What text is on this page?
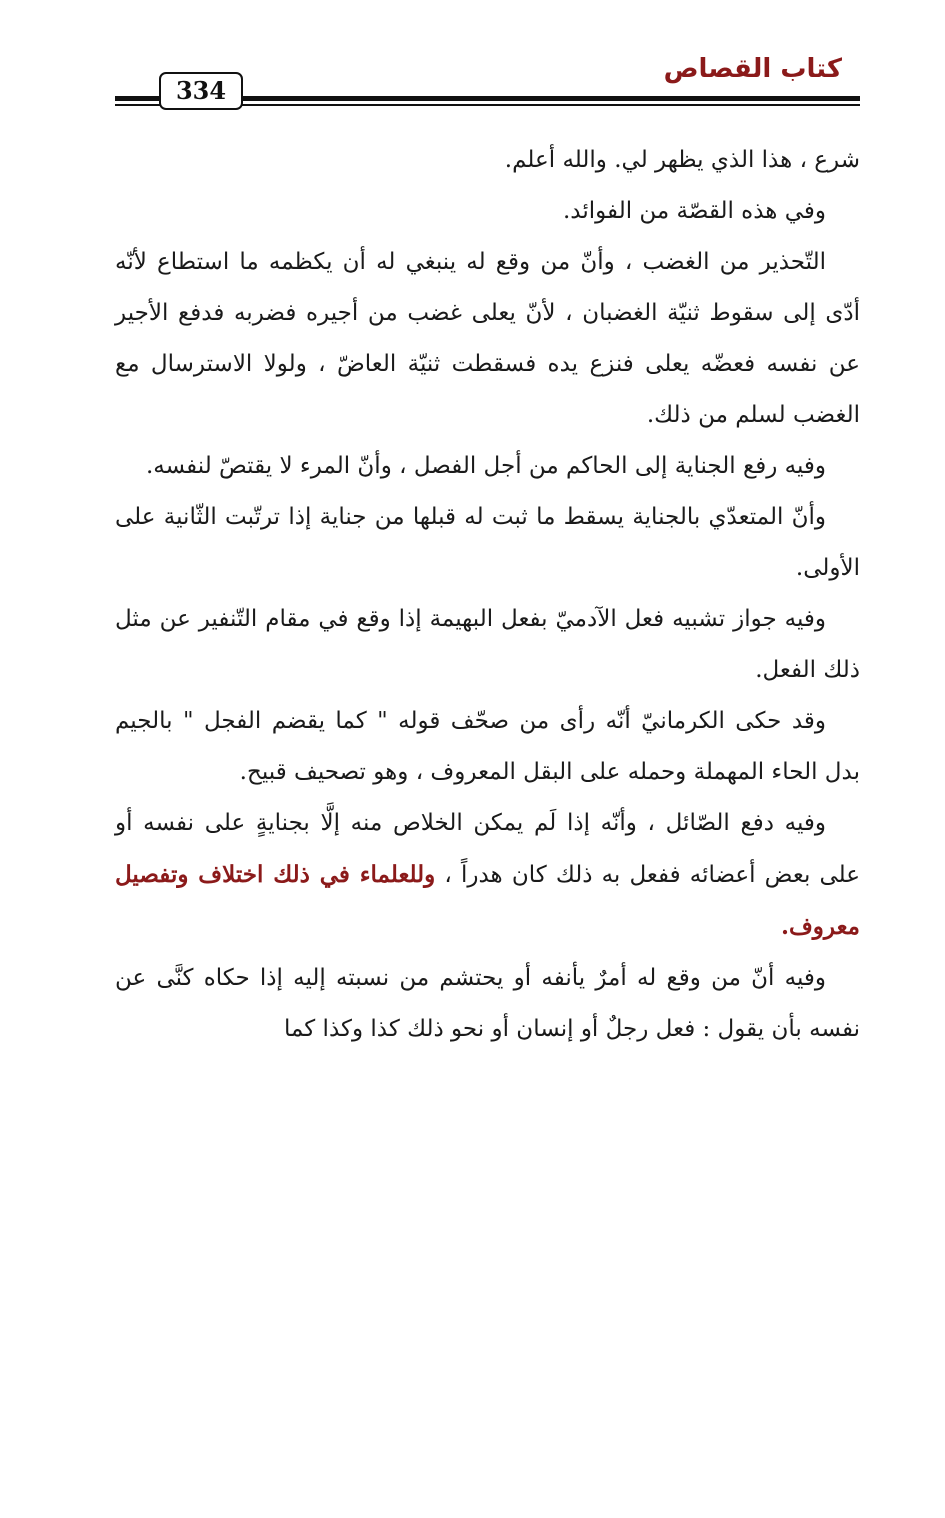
كتاب القصاص
334

شرع ، هذا الذي يظهر لي. والله أعلم.

وفي هذه القصّة من الفوائد.

التّحذير من الغضب ، وأنّ من وقع له ينبغي له أن يكظمه ما استطاع لأنّه أدّى إلى سقوط ثنيّة الغضبان ، لأنّ يعلى غضب من أجيره فضربه فدفع الأجير عن نفسه فعضّه يعلى فنزع يده فسقطت ثنيّة العاضّ ، ولولا الاسترسال مع الغضب لسلم من ذلك.

وفيه رفع الجناية إلى الحاكم من أجل الفصل ، وأنّ المرء لا يقتصّ لنفسه.

وأنّ المتعدّي بالجناية يسقط ما ثبت له قبلها من جناية إذا ترتّبت الثّانية على الأولى.

وفيه جواز تشبيه فعل الآدميّ بفعل البهيمة إذا وقع في مقام التّنفير عن مثل ذلك الفعل.

وقد حكى الكرمانيّ أنّه رأى من صحّف قوله " كما يقضم الفجل " بالجيم بدل الحاء المهملة وحمله على البقل المعروف ، وهو تصحيف قبيح.

وفيه دفع الصّائل ، وأنّه إذا لَم يمكن الخلاص منه إلَّا بجنايةٍ على نفسه أو على بعض أعضائه ففعل به ذلك كان هدراً ، وللعلماء في ذلك اختلاف وتفصيل معروف.

وفيه أنّ من وقع له أمرٌ يأنفه أو يحتشم من نسبته إليه إذا حكاه كنَّى عن نفسه بأن يقول : فعل رجلٌ أو إنسان أو نحو ذلك كذا وكذا كما
